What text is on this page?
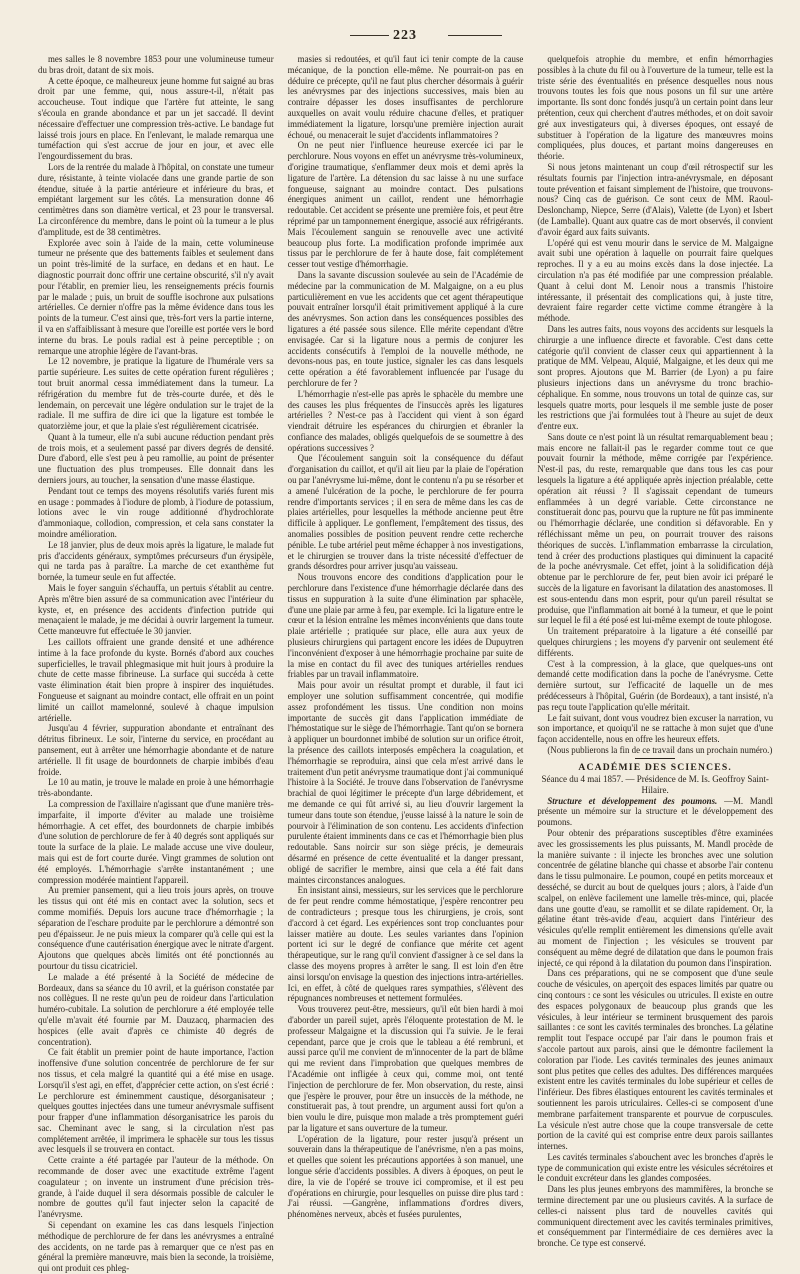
223

mes salles le 8 novembre 1853 pour une volumineuse tumeur du bras droit, datant de six mois.

A cette époque, ce malheureux jeune homme fut saigné au bras droit par une femme, qui, nous assure-t-il, n'était pas accoucheuse. Tout indique que l'artère fut atteinte, le sang s'écoula en grande abondance et par un jet saccadé. Il devint nécessaire d'effectuer une compression très-active. Le bandage fut laissé trois jours en place. En l'enlevant, le malade remarqua une tuméfaction qui s'est accrue de jour en jour, et avec elle l'engourdissement du bras.

Lors de la rentrée du malade à l'hôpital, on constate une tumeur dure, résistante, à teinte violacée dans une grande partie de son étendue, située à la partie antérieure et inférieure du bras, et empiétant largement sur les côtés. La mensuration donne 46 centimètres dans son diamètre vertical, et 23 pour le transversal. La circonférence du membre, dans le point où la tumeur a le plus d'amplitude, est de 38 centimètres.

Explorée avec soin à l'aide de la main, cette volumineuse tumeur ne présente que des battements faibles et seulement dans un point très-limité de la surface, en dedans et en haut. Le diagnostic pourrait donc offrir une certaine obscurité, s'il n'y avait pour l'établir, en premier lieu, les renseignements précis fournis par le malade ; puis, un bruit de souffle isochrone aux pulsations artérielles. Ce dernier n'offre pas la même évidence dans tous les points de la tumeur. C'est ainsi que, très-fort vers la partie interne, il va en s'affaiblissant à mesure que l'oreille est portée vers le bord interne du bras. Le pouls radial est à peine perceptible ; on remarque une atrophie légère de l'avant-bras.

Le 12 novembre, je pratique la ligature de l'humérale vers sa partie supérieure. Les suites de cette opération furent régulières ; tout bruit anormal cessa immédiatement dans la tumeur. La réfrigération du membre fut de très-courte durée, et dès le lendemain, on percevait une légère ondulation sur le trajet de la radiale. Il me suffira de dire ici que la ligature est tombée le quatorzième jour, et que la plaie s'est régulièrement cicatrisée.

Quant à la tumeur, elle n'a subi aucune réduction pendant près de trois mois, et a seulement passé par divers degrés de densité. Dure d'abord, elle s'est peu à peu ramollie, au point de présenter une fluctuation des plus trompeuses. Elle donnait dans les derniers jours, au toucher, la sensation d'une masse élastique.

Pendant tout ce temps des moyens résolutifs variés furent mis en usage : pommades à l'iodure de plomb, à l'iodure de potassium, lotions avec le vin rouge additionné d'hydrochlorate d'ammoniaque, collodion, compression, et cela sans constater la moindre amélioration.

Le 18 janvier, plus de deux mois après la ligature, le malade fut pris d'accidents généraux, symptômes précurseurs d'un érysipèle, qui ne tarda pas à paraître. La marche de cet exanthème fut bornée, la tumeur seule en fut affectée.

Mais le foyer sanguin s'échauffa, un pertuis s'établit au centre. Après m'être bien assuré de sa communication avec l'intérieur du kyste, et, en présence des accidents d'infection putride qui menaçaient le malade, je me décidai à ouvrir largement la tumeur. Cette manœuvre fut effectuée le 30 janvier.

Les caillots offraient une grande densité et une adhérence intime à la face profonde du kyste. Bornés d'abord aux couches superficielles, le travail phlegmasique mit huit jours à produire la chute de cette masse fibrineuse. La surface qui succéda à cette vaste élimination était bien propre à inspirer des inquiétudes. Fongueuse et saignant au moindre contact, elle offrait en un point limité un caillot mamelonné, soulevé à chaque impulsion artérielle.

Jusqu'au 4 février, suppuration abondante et entraînant des détritus fibrineux. Le soir, l'interne du service, en procédant au pansement, eut à arrêter une hémorrhagie abondante et de nature artérielle. Il fit usage de bourdonnets de charpie imbibés d'eau froide.

Le 10 au matin, je trouve le malade en proie à une hémorrhagie très-abondante.

La compression de l'axillaire n'agissant que d'une manière très-imparfaite, il importe d'éviter au malade une troisième hémorrhagie. A cet effet, des bourdonnets de charpie imbibés d'une solution de perchlorure de fer à 40 degrés sont appliqués sur toute la surface de la plaie. Le malade accuse une vive douleur, mais qui est de fort courte durée. Vingt grammes de solution ont été employés. L'hémorrhagie s'arrête instantanément ; une compression modérée maintient l'appareil.

Au premier pansement, qui a lieu trois jours après, on trouve les tissus qui ont été mis en contact avec la solution, secs et comme momifiés. Depuis lors aucune trace d'hémorrhagie ; la séparation de l'eschare produite par le perchlorure a démontré son peu d'épaisseur. Je ne puis mieux la comparer qu'à celle qui est la conséquence d'une cautérisation énergique avec le nitrate d'argent. Ajoutons que quelques abcès limités ont été ponctionnés au pourtour du tissu cicatriciel.

Le malade a été présenté à la Société de médecine de Bordeaux, dans sa séance du 10 avril, et la guérison constatée par nos collègues. Il ne reste qu'un peu de roideur dans l'articulation huméro-cubitale. La solution de perchlorure a été employée telle qu'elle m'avait été fournie par M. Dauzacq, pharmacien des hospices (elle avait d'après ce chimiste 40 degrés de concentration).

Ce fait établit un premier point de haute importance, l'action inoffensive d'une solution concentrée de perchlorure de fer sur nos tissus, et cela malgré la quantité qui a été mise en usage. Lorsqu'il s'est agi, en effet, d'apprécier cette action, on s'est écrié : Le perchlorure est éminemment caustique, désorganisateur ; quelques gouttes injectées dans une tumeur anévrysmale suffisent pour frapper d'une inflammation désorganisatrice les parois du sac. Cheminant avec le sang, si la circulation n'est pas complétement arrêtée, il imprimera le sphacèle sur tous les tissus avec lesquels il se trouvera en contact.

Cette crainte a été partagée par l'auteur de la méthode. On recommande de doser avec une exactitude extrême l'agent coagulateur ; on invente un instrument d'une précision très-grande, à l'aide duquel il sera désormais possible de calculer le nombre de gouttes qu'il faut injecter selon la capacité de l'anévrysme.

Si cependant on examine les cas dans lesquels l'injection méthodique de perchlorure de fer dans les anévrysmes a entraîné des accidents, on ne tarde pas à remarquer que ce n'est pas en général la première manœuvre, mais bien la seconde, la troisième, qui ont produit ces phleg-

masies si redoutées, et qu'il faut ici tenir compte de la cause mécanique, de la ponction elle-même. Ne pourrait-on pas en déduire ce précepte, qu'il ne faut plus chercher désormais à guérir les anévrysmes par des injections successives, mais bien au contraire dépasser les doses insuffisantes de perchlorure auxquelles on avait voulu réduire chacune d'elles, et pratiquer immédiatement la ligature, lorsqu'une première injection aurait échoué, ou menacerait le sujet d'accidents inflammatoires ?

On ne peut nier l'influence heureuse exercée ici par le perchlorure. Nous voyons en effet un anévrysme très-volumineux, d'origine traumatique, s'enflammer deux mois et demi après la ligature de l'artère. La détension du sac laisse à nu une surface fongueuse, saignant au moindre contact. Des pulsations énergiques animent un caillot, rendent une hémorrhagie redoutable. Cet accident se présente une première fois, et peut être réprimé par un tamponnement énergique, associé aux réfrigérants. Mais l'écoulement sanguin se renouvelle avec une activité beaucoup plus forte. La modification profonde imprimée aux tissus par le perchlorure de fer à haute dose, fait complétement cesser tout vestige d'hémorrhagie.

Dans la savante discussion soulevée au sein de l'Académie de médecine par la communication de M. Malgaigne, on a eu plus particulièrement en vue les accidents que cet agent thérapeutique pouvait entraîner lorsqu'il était primitivement appliqué à la cure des anévrysmes. Son action dans les conséquences possibles des ligatures a été passée sous silence. Elle mérite cependant d'être envisagée. Car si la ligature nous a permis de conjurer les accidents consécutifs à l'emploi de la nouvelle méthode, ne devons-nous pas, en toute justice, signaler les cas dans lesquels cette opération a été favorablement influencée par l'usage du perchlorure de fer ?

L'hémorrhagie n'est-elle pas après le sphacèle du membre une des causes les plus fréquentes de l'insuccès après les ligatures artérielles ? N'est-ce pas à l'accident qui vient à son égard viendrait détruire les espérances du chirurgien et ébranler la confiance des malades, obligés quelquefois de se soumettre à des opérations successives ?

Que l'écoulement sanguin soit la conséquence du défaut d'organisation du caillot, et qu'il ait lieu par la plaie de l'opération ou par l'anévrysme lui-même, dont le contenu n'a pu se résorber et a amené l'ulcération de la poche, le perchlorure de fer pourra rendre d'importants services ; il en sera de même dans les cas de plaies artérielles, pour lesquelles la méthode ancienne peut être difficile à appliquer. Le gonflement, l'empâtement des tissus, des anomalies possibles de position peuvent rendre cette recherche pénible. Le tube artériel peut même échapper à nos investigations, et le chirurgien se trouver dans la triste nécessité d'effectuer de grands désordres pour arriver jusqu'au vaisseau.

Nous trouvons encore des conditions d'application pour le perchlorure dans l'existence d'une hémorrhagie déclarée dans des tissus en suppuration à la suite d'une élimination par sphacèle, d'une une plaie par arme à feu, par exemple. Ici la ligature entre le cœur et la lésion entraîne les mêmes inconvénients que dans toute plaie artérielle ; pratiquée sur place, elle aura aux yeux de plusieurs chirurgiens qui partagent encore les idées de Dupuytren l'inconvénient d'exposer à une hémorrhagie prochaine par suite de la mise en contact du fil avec des tuniques artérielles rendues friables par un travail inflammatoire.

Mais pour avoir un résultat prompt et durable, il faut ici employer une solution suffisamment concentrée, qui modifie assez profondément les tissus. Une condition non moins importante de succès git dans l'application immédiate de l'hémostatique sur le siège de l'hémorrhagie. Tant qu'on se bornera à appliquer un bourdonnet imbibé de solution sur un orifice étroit, la présence des caillots interposés empêchera la coagulation, et l'hémorrhagie se reproduira, ainsi que cela m'est arrivé dans le traitement d'un petit anévrysme traumatique dont j'ai communiqué l'histoire à la Société. Je trouve dans l'observation de l'anévrysme brachial de quoi légitimer le précepte d'un large débridement, et me demande ce qui fût arrivé si, au lieu d'ouvrir largement la tumeur dans toute son étendue, j'eusse laissé à la nature le soin de pourvoir à l'élimination de son contenu. Les accidents d'infection purulente étaient imminents dans ce cas et l'hémorrhagie bien plus redoutable. Sans noircir sur son siège précis, je demeurais désarmé en présence de cette éventualité et la danger pressant, obligé de sacrifier le membre, ainsi que cela a été fait dans maintes circonstances analogues.

En insistant ainsi, messieurs, sur les services que le perchlorure de fer peut rendre comme hémostatique, j'espère rencontrer peu de contradicteurs ; presque tous les chirurgiens, je crois, sont d'accord à cet égard. Les expériences sont trop concluantes pour laisser matière au doute. Les seules variantes dans l'opinion portent ici sur le degré de confiance que mérite cet agent thérapeutique, sur le rang qu'il convient d'assigner à ce sel dans la classe des moyens propres à arrêter le sang. Il est loin d'en être ainsi lorsqu'on envisage la question des injections intra-artérielles. Ici, en effet, à côté de quelques rares sympathies, s'élèvent des répugnances nombreuses et nettement formulées.

Vous trouverez peut-être, messieurs, qu'il eût bien hardi à moi d'aborder un pareil sujet, après l'éloquente protestation de M. le professeur Malgaigne et la discussion qui l'a suivie. Je le ferai cependant, parce que je crois que le tableau a été rembruni, et aussi parce qu'il me convient de m'innocenter de la part de blâme qui me revient dans l'improbation que quelques membres de l'Académie ont infligée à ceux qui, comme moi, ont tenté l'injection de perchlorure de fer. Mon observation, du reste, ainsi que j'espère le prouver, pour être un insuccès de la méthode, ne constituerait pas, à tout prendre, un argument aussi fort qu'on a bien voulu le dire, puisque mon malade a très promptement guéri par la ligature et sans ouverture de la tumeur.

L'opération de la ligature, pour rester jusqu'à présent un souverain dans la thérapeutique de l'anévrisme, n'en a pas moins, et quelles que soient les précautions apportées à son manuel, une longue série d'accidents possibles. A divers à époques, on peut le dire, la vie de l'opéré se trouve ici compromise, et il est peu d'opérations en chirurgie, pour lesquelles on puisse dire plus tard : J'ai réussi. —Gangrène, inflammations d'ordres divers, phénomènes nerveux, abcès et fusées purulentes,

quelquefois atrophie du membre, et enfin hémorrhagies possibles à la chute du fil ou à l'ouverture de la tumeur, telle est la triste série des éventualités en présence desquelles nous nous trouvons toutes les fois que nous posons un fil sur une artère importante. Ils sont donc fondés jusqu'à un certain point dans leur prétention, ceux qui cherchent d'autres méthodes, et on doit savoir gré aux investigateurs qui, à diverses époques, ont essayé de substituer à l'opération de la ligature des manœuvres moins compliquées, plus douces, et partant moins dangereuses en théorie.

Si nous jetons maintenant un coup d'œil rétrospectif sur les résultats fournis par l'injection intra-anévrysmale, en déposant toute prévention et faisant simplement de l'histoire, que trouvons-nous? Cinq cas de guérison. Ce sont ceux de MM. Raoul-Deslonchamp, Niepce, Serre (d'Alais), Valette (de Lyon) et Isbert (de Lamballe). Quant aux quatre cas de mort observés, il convient d'avoir égard aux faits suivants.

L'opéré qui est venu mourir dans le service de M. Malgaigne avait subi une opération à laquelle on pourrait faire quelques reproches. Il y a eu au moins excès dans la dose injectée. La circulation n'a pas été modifiée par une compression préalable. Quant à celui dont M. Lenoir nous a transmis l'histoire intéressante, il présentait des complications qui, à juste titre, devraient faire regarder cette victime comme étrangère à la méthode.

Dans les autres faits, nous voyons des accidents sur lesquels la chirurgie a une influence directe et favorable. C'est dans cette catégorie qu'il convient de classer ceux qui appartiennent à la pratique de MM. Velpeau, Alquié, Malgaigne, et les deux qui me sont propres. Ajoutons que M. Barrier (de Lyon) a pu faire plusieurs injections dans un anévrysme du tronc brachio-céphalique. En somme, nous trouvons un total de quinze cas, sur lesquels quatre morts, pour lesquels il me semble juste de poser les restrictions que j'ai formulées tout à l'heure au sujet de deux d'entre eux.

Sans doute ce n'est point là un résultat remarquablement beau ; mais encore ne fallait-il pas le regarder comme tout ce que pouvait fournir la méthode, même corrigée par l'expérience. N'est-il pas, du reste, remarquable que dans tous les cas pour lesquels la ligature a été appliquée après injection préalable, cette opération ait réussi ? Il s'agissait cependant de tumeurs enflammées à un degré variable. Cette circonstance ne constituerait donc pas, pourvu que la rupture ne fût pas imminente ou l'hémorrhagie déclarée, une condition si défavorable. En y réfléchissant même un peu, on pourrait trouver des raisons théoriques de succès. L'inflammation embarrasse la circulation, tend à créer des productions plastiques qui diminuent la capacité de la poche anévrysmale. Cet effet, joint à la solidification déjà obtenue par le perchlorure de fer, peut bien avoir ici préparé le succès de la ligature en favorisant la dilatation des anastomoses. Il est sous-entendu dans mon esprit, pour qu'un pareil résultat se produise, que l'inflammation ait borné à la tumeur, et que le point sur lequel le fil a été posé est lui-même exempt de toute phlogose.

Un traitement préparatoire à la ligature a été conseillé par quelques chirurgiens ; les moyens d'y parvenir ont seulement été différents.

C'est à la compression, à la glace, que quelques-uns ont demandé cette modification dans la poche de l'anévrysme. Cette dernière surtout, sur l'efficacité de laquelle un de mes prédécesseurs à l'hôpital, Guérin (de Bordeaux), a tant insisté, n'a pas reçu toute l'application qu'elle méritait.

Le fait suivant, dont vous voudrez bien excuser la narration, vu son importance, et quoiqu'il ne se rattache à mon sujet que d'une façon accidentelle, nous en offre les heureux effets.

(Nous publierons la fin de ce travail dans un prochain numéro.)

ACADÉMIE DES SCIENCES.

Séance du 4 mai 1857. — Présidence de M. Is. Geoffroy Saint-Hilaire.

Structure et développement des poumons. —M. Mandl présente un mémoire sur la structure et le développement des poumons.

Pour obtenir des préparations susceptibles d'être examinées avec les grossissements les plus puissants, M. Mandl procède de la manière suivante : il injecte les bronches avec une solution concentrée de gélatine blanche qui chasse et absorbe l'air contenu dans le tissu pulmonaire. Le poumon, coupé en petits morceaux et desséché, se durcit au bout de quelques jours ; alors, à l'aide d'un scalpel, on enlève facilement une lamelle très-mince, qui, placée dans une goutte d'eau, se ramollit et se dilate rapidement. Or, la gélatine étant très-avide d'eau, acquiert dans l'intérieur des vésicules qu'elle remplit entièrement les dimensions qu'elle avait au moment de l'injection ; les vésicules se trouvent par conséquent au même degré de dilatation que dans le poumon frais injecté, ce qui répond à la dilatation du poumon dans l'inspiration.

Dans ces préparations, qui ne se composent que d'une seule couche de vésicules, on aperçoit des espaces limités par quatre ou cinq contours : ce sont les vésicules ou utricules. Il existe en outre des espaces polygonaux de beaucoup plus grands que les vésicules, à leur intérieur se terminent brusquement des parois saillantes : ce sont les cavités terminales des bronches. La gélatine remplit tout l'espace occupé par l'air dans le poumon frais et s'accole partout aux parois, ainsi que le démontre facilement la coloration par l'iode. Les cavités terminales des jeunes animaux sont plus petites que celles des adultes. Des différences marquées existent entre les cavités terminales du lobe supérieur et celles de l'inférieur. Des fibres élastiques entourent les cavités terminales et soutiennent les parois utriculaires. Celles-ci se composent d'une membrane parfaitement transparente et pourvue de corpuscules. La vésicule n'est autre chose que la coupe transversale de cette portion de la cavité qui est comprise entre deux parois saillantes internes.

Les cavités terminales s'abouchent avec les bronches d'après le type de communication qui existe entre les vésicules sécrétoires et le conduit excréteur dans les glandes composées.

Dans les plus jeunes embryons des mammifères, la bronche se termine directement par une ou plusieurs cavités. A la surface de celles-ci naissent plus tard de nouvelles cavités qui communiquent directement avec les cavités terminales primitives, et conséquemment par l'intermédiaire de ces dernières avec la bronche. Ce type est conservé.
